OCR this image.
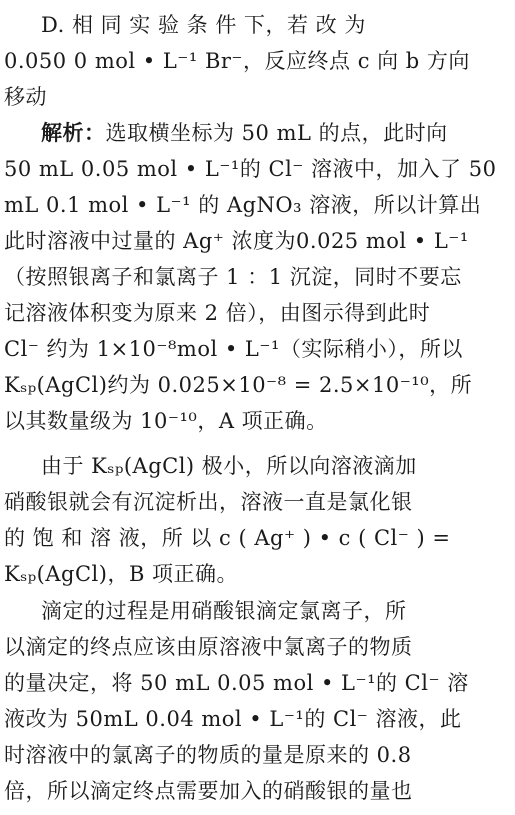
D. 相 同 实 验 条 件 下，若 改 为
0.050 0 mol • L⁻¹ Br⁻，反应终点 c 向 b 方向
移动
解析：选取横坐标为 50 mL 的点，此时向
50 mL 0.05 mol • L⁻¹的 Cl⁻ 溶液中，加入了 50
mL 0.1 mol • L⁻¹ 的 AgNO₃ 溶液，所以计算出
此时溶液中过量的 Ag⁺ 浓度为0.025 mol • L⁻¹
（按照银离子和氯离子 1 ：1 沉淀，同时不要忘
记溶液体积变为原来 2 倍），由图示得到此时
Cl⁻ 约为 1×10⁻⁸mol • L⁻¹（实际稍小），所以
Kₛₚ(AgCl)约为 0.025×10⁻⁸ = 2.5×10⁻¹⁰，所
以其数量级为 10⁻¹⁰，A 项正确。
由于 Kₛₚ(AgCl) 极小，所以向溶液滴加
硝酸银就会有沉淀析出，溶液一直是氯化银
的 饱 和 溶 液，所 以 c ( Ag⁺ ) • c ( Cl⁻ ) =
Kₛₚ(AgCl)，B 项正确。
滴定的过程是用硝酸银滴定氯离子，所
以滴定的终点应该由原溶液中氯离子的物质
的量决定，将 50 mL 0.05 mol • L⁻¹的 Cl⁻ 溶
液改为 50mL 0.04 mol • L⁻¹的 Cl⁻ 溶液，此
时溶液中的氯离子的物质的量是原来的 0.8
倍，所以滴定终点需要加入的硝酸银的量也
